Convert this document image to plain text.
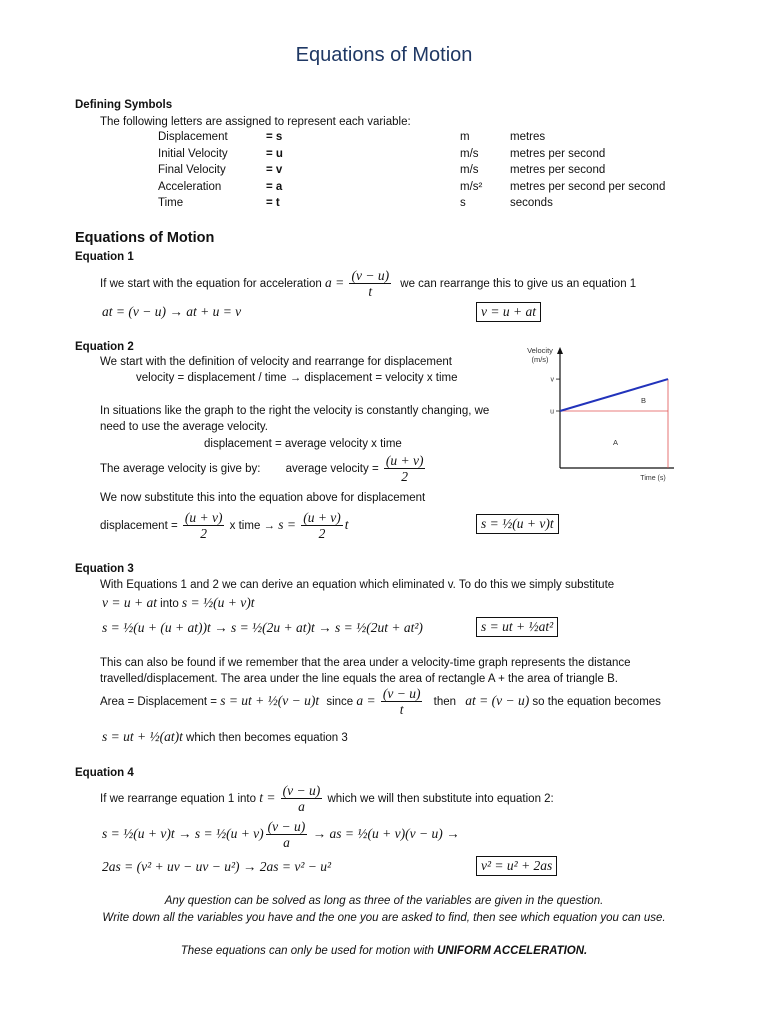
Equations of Motion
Defining Symbols
The following letters are assigned to represent each variable:
Displacement	= s	m	metres
Initial Velocity	= u	m/s	metres per second
Final Velocity	= v	m/s	metres per second
Acceleration	= a	m/s² metres per second per second
Time	= t	s	seconds
Equations of Motion
Equation 1
If we start with the equation for acceleration $a = \frac{(v - u)}{t}$ we can rearrange this to give us an equation 1
at = (v − u) → at + u = v	v = u + at
Equation 2
We start with the definition of velocity and rearrange for displacement
velocity = displacement / time → displacement = velocity x time
In situations like the graph to the right the velocity is constantly changing, we
need to use the average velocity.
displacement = average velocity x time
The average velocity is give by: average velocity = $\frac{(u + v)}{2}$
We now substitute this into the equation above for displacement
displacement = $\frac{(u + v)}{2}$ x time → $s = \frac{(u + v)}{2}$ t	s = ½(u + v)t
Velocity
(m/s)
v
u
B
A
Time (s)
Equation 3
With Equations 1 and 2 we can derive an equation which eliminated v. To do this we simply substitute
v = u + at into s = ½(u + v)t
s = ½(u + (u + at))t → s = ½(2u + at)t → s = ½(2ut + at²)	s = ut + ½at²
This can also be found if we remember that the area under a velocity-time graph represents the distance
travelled/displacement. The area under the line equals the area of rectangle A + the area of triangle B.
Area = Displacement = s = ut + ½(v − u)t since $a = \frac{(v - u)}{t}$ then at = (v − u) so the equation becomes
s = ut + ½(at)t which then becomes equation 3
Equation 4
If we rearrange equation 1 into $t = \frac{(v - u)}{a}$ which we will then substitute into equation 2:
s = ½(u + v)t → s = ½(u + $v) \frac{(v - u)}{a}$ → as = ½(u + v)(v − u) →
2as = (v² + uv − uv − u²) → 2as = v² − u²	v² = u² + 2as
Any question can be solved as long as three of the variables are given in the question.
Write down all the variables you have and the one you are asked to find, then see which equation you can use.
These equations can only be used for motion with UNIFORM ACCELERATION.
